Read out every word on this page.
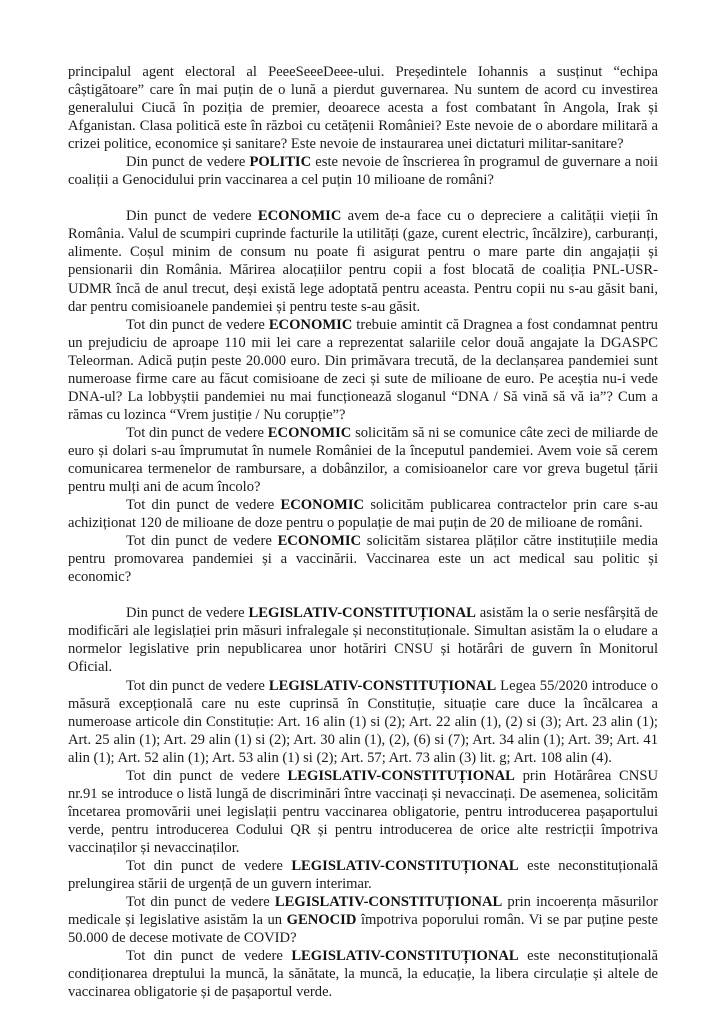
principalul agent electoral al PeeeSeeeDeee-ului. Președintele Iohannis a susținut “echipa câștigătoare” care în mai puțin de o lună a pierdut guvernarea. Nu suntem de acord cu investirea generalului Ciucă în poziția de premier, deoarece acesta a fost combatant în Angola, Irak și Afganistan. Clasa politică este în război cu cetățenii României? Este nevoie de o abordare militară a crizei politice, economice și sanitare? Este nevoie de instaurarea unei dictaturi militar-sanitare?

Din punct de vedere POLITIC este nevoie de înscrierea în programul de guvernare a noii coaliții a Genocidului prin vaccinarea a cel puțin 10 milioane de români?

Din punct de vedere ECONOMIC avem de-a face cu o depreciere a calității vieții în România. Valul de scumpiri cuprinde facturile la utilități (gaze, curent electric, încălzire), carburanți, alimente. Coșul minim de consum nu poate fi asigurat pentru o mare parte din angajații și pensionarii din România. Mărirea alocațiilor pentru copii a fost blocată de coaliția PNL-USR-UDMR încă de anul trecut, deși există lege adoptată pentru aceasta. Pentru copii nu s-au găsit bani, dar pentru comisioanele pandemiei și pentru teste s-au găsit.

Tot din punct de vedere ECONOMIC trebuie amintit că Dragnea a fost condamnat pentru un prejudiciu de aproape 110 mii lei care a reprezentat salariile celor două angajate la DGASPC Teleorman. Adică puțin peste 20.000 euro. Din primăvara trecută, de la declanșarea pandemiei sunt numeroase firme care au făcut comisioane de zeci și sute de milioane de euro. Pe aceștia nu-i vede DNA-ul? La lobbyștii pandemiei nu mai funcționează sloganul “DNA / Să vină să vă ia”? Cum a rămas cu lozinca “Vrem justiție / Nu corupție”?

Tot din punct de vedere ECONOMIC solicităm să ni se comunice câte zeci de miliarde de euro și dolari s-au împrumutat în numele României de la începutul pandemiei. Avem voie să cerem comunicarea termenelor de rambursare, a dobânzilor, a comisioanelor care vor greva bugetul țării pentru mulți ani de acum încolo?

Tot din punct de vedere ECONOMIC solicităm publicarea contractelor prin care s-au achiziționat 120 de milioane de doze pentru o populație de mai puțin de 20 de milioane de români.

Tot din punct de vedere ECONOMIC solicităm sistarea plăților către instituțiile media pentru promovarea pandemiei și a vaccinării. Vaccinarea este un act medical sau politic și economic?

Din punct de vedere LEGISLATIV-CONSTITUȚIONAL asistăm la o serie nesfârșită de modificări ale legislației prin măsuri infralegale și neconstituționale. Simultan asistăm la o eludare a normelor legislative prin nepublicarea unor hotăriri CNSU și hotărâri de guvern în Monitorul Oficial.

Tot din punct de vedere LEGISLATIV-CONSTITUȚIONAL Legea 55/2020 introduce o măsură excepțională care nu este cuprinsă în Constituție, situație care duce la încălcarea a numeroase articole din Constituție: Art. 16 alin (1) si (2); Art. 22 alin (1), (2) si (3); Art. 23 alin (1); Art. 25 alin (1); Art. 29 alin (1) si (2); Art. 30 alin (1), (2), (6) si (7); Art. 34 alin (1); Art. 39; Art. 41 alin (1); Art. 52 alin (1); Art. 53 alin (1) si (2); Art. 57; Art. 73 alin (3) lit. g; Art. 108 alin (4).

Tot din punct de vedere LEGISLATIV-CONSTITUȚIONAL prin Hotărârea CNSU nr.91 se introduce o listă lungă de discriminări între vaccinați și nevaccinați. De asemenea, solicităm încetarea promovării unei legislații pentru vaccinarea obligatorie, pentru introducerea pașaportului verde, pentru introducerea Codului QR și pentru introducerea de orice alte restricții împotriva vaccinaților și nevaccinaților.

Tot din punct de vedere LEGISLATIV-CONSTITUȚIONAL este neconstituțională prelungirea stării de urgență de un guvern interimar.

Tot din punct de vedere LEGISLATIV-CONSTITUȚIONAL prin incoerența măsurilor medicale și legislative asistăm la un GENOCID împotriva poporului român. Vi se par puține peste 50.000 de decese motivate de COVID?

Tot din punct de vedere LEGISLATIV-CONSTITUȚIONAL este neconstituțională condiționarea dreptului la muncă, la sănătate, la muncă, la educație, la libera circulație și altele de vaccinarea obligatorie și de pașaportul verde.
